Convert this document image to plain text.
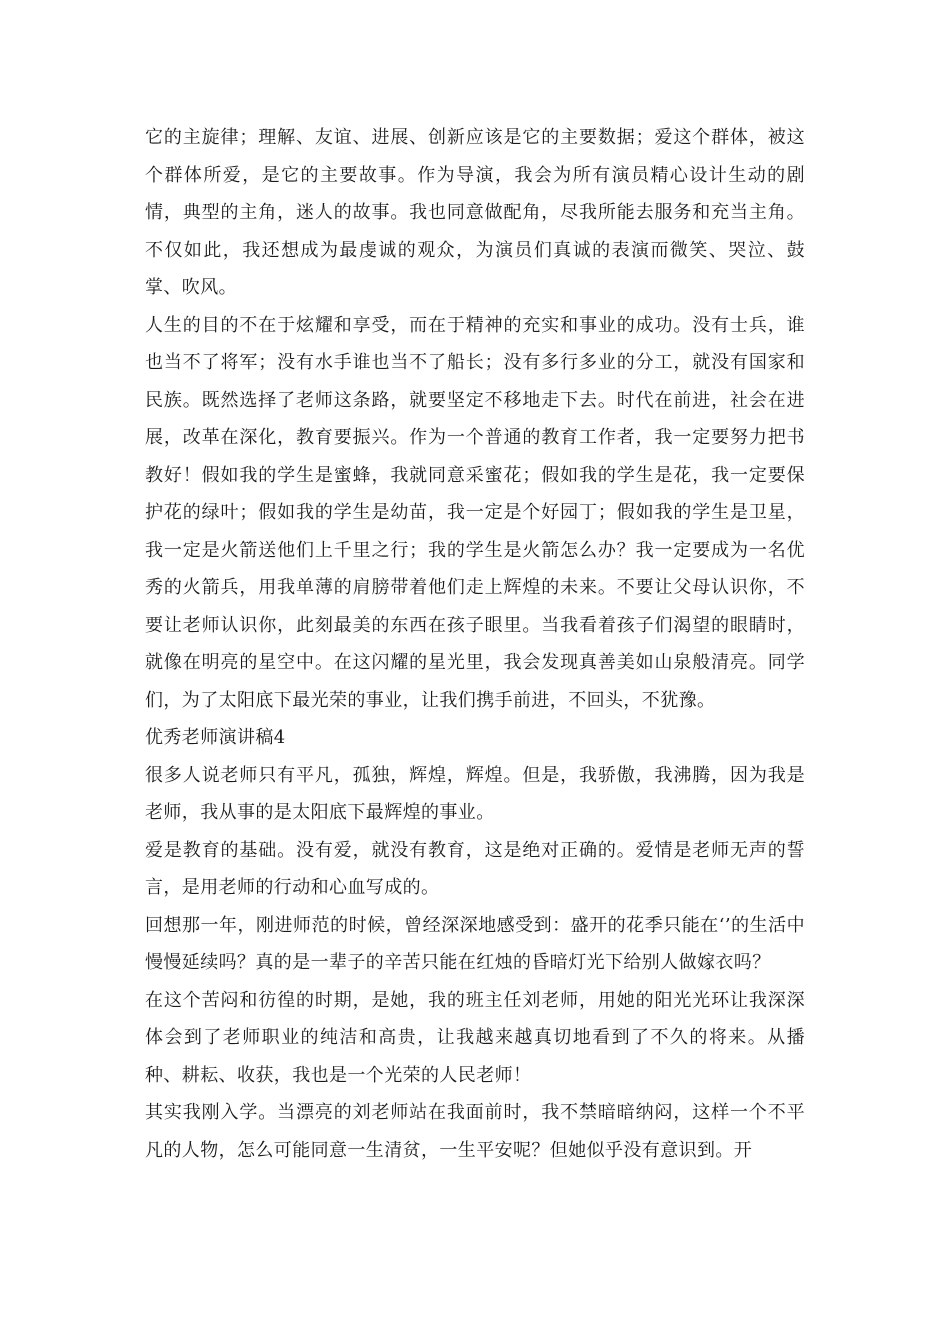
它的主旋律；理解、友谊、进展、创新应该是它的主要数据；爱这个群体，被这个群体所爱，是它的主要故事。作为导演，我会为所有演员精心设计生动的剧情，典型的主角，迷人的故事。我也同意做配角，尽我所能去服务和充当主角。不仅如此，我还想成为最虔诚的观众，为演员们真诚的表演而微笑、哭泣、鼓掌、吹风。

人生的目的不在于炫耀和享受，而在于精神的充实和事业的成功。没有士兵，谁也当不了将军；没有水手谁也当不了船长；没有多行多业的分工，就没有国家和民族。既然选择了老师这条路，就要坚定不移地走下去。时代在前进，社会在进展，改革在深化，教育要振兴。作为一个普通的教育工作者，我一定要努力把书教好！假如我的学生是蜜蜂，我就同意采蜜花；假如我的学生是花，我一定要保护花的绿叶；假如我的学生是幼苗，我一定是个好园丁；假如我的学生是卫星，我一定是火箭送他们上千里之行；我的学生是火箭怎么办？我一定要成为一名优秀的火箭兵，用我单薄的肩膀带着他们走上辉煌的未来。不要让父母认识你，不要让老师认识你，此刻最美的东西在孩子眼里。当我看着孩子们渴望的眼睛时，就像在明亮的星空中。在这闪耀的星光里，我会发现真善美如山泉般清亮。同学们，为了太阳底下最光荣的事业，让我们携手前进，不回头，不犹豫。

优秀老师演讲稿4

很多人说老师只有平凡，孤独，辉煌，辉煌。但是，我骄傲，我沸腾，因为我是老师，我从事的是太阳底下最辉煌的事业。

爱是教育的基础。没有爱，就没有教育，这是绝对正确的。爱情是老师无声的誓言，是用老师的行动和心血写成的。

回想那一年，刚进师范的时候，曾经深深地感受到：盛开的花季只能在‘’的生活中慢慢延续吗？真的是一辈子的辛苦只能在红烛的昏暗灯光下给别人做嫁衣吗？

在这个苦闷和彷徨的时期，是她，我的班主任刘老师，用她的阳光光环让我深深体会到了老师职业的纯洁和高贵，让我越来越真切地看到了不久的将来。从播种、耕耘、收获，我也是一个光荣的人民老师！

其实我刚入学。当漂亮的刘老师站在我面前时，我不禁暗暗纳闷，这样一个不平凡的人物，怎么可能同意一生清贫，一生平安呢？但她似乎没有意识到。开
